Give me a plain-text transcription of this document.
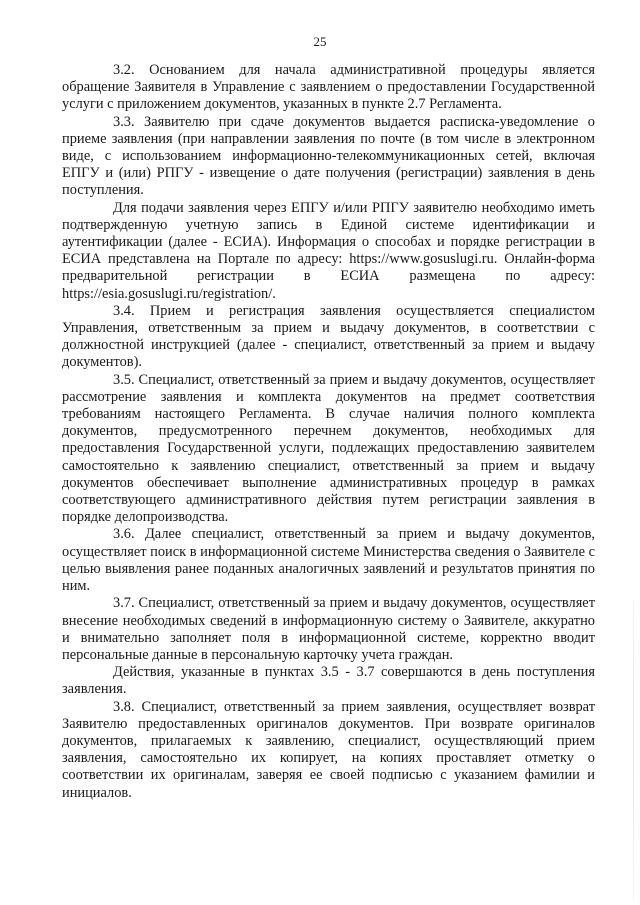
25

3.2. Основанием для начала административной процедуры является обращение Заявителя в Управление с заявлением о предоставлении Государственной услуги с приложением документов, указанных в пункте 2.7 Регламента.

3.3. Заявителю при сдаче документов выдается расписка-уведомление о приеме заявления (при направлении заявления по почте (в том числе в электронном виде, с использованием информационно-телекоммуникационных сетей, включая ЕПГУ и (или) РПГУ - извещение о дате получения (регистрации) заявления в день поступления.

Для подачи заявления через ЕПГУ и/или РПГУ заявителю необходимо иметь подтвержденную учетную запись в Единой системе идентификации и аутентификации (далее - ЕСИА). Информация о способах и порядке регистрации в ЕСИА представлена на Портале по адресу: https://www.gosuslugi.ru. Онлайн-форма предварительной регистрации в ЕСИА размещена по адресу: https://esia.gosuslugi.ru/registration/.

3.4. Прием и регистрация заявления осуществляется специалистом Управления, ответственным за прием и выдачу документов, в соответствии с должностной инструкцией (далее - специалист, ответственный за прием и выдачу документов).

3.5. Специалист, ответственный за прием и выдачу документов, осуществляет рассмотрение заявления и комплекта документов на предмет соответствия требованиям настоящего Регламента. В случае наличия полного комплекта документов, предусмотренного перечнем документов, необходимых для предоставления Государственной услуги, подлежащих предоставлению заявителем самостоятельно к заявлению специалист, ответственный за прием и выдачу документов обеспечивает выполнение административных процедур в рамках соответствующего административного действия путем регистрации заявления в порядке делопроизводства.

3.6. Далее специалист, ответственный за прием и выдачу документов, осуществляет поиск в информационной системе Министерства сведения о Заявителе с целью выявления ранее поданных аналогичных заявлений и результатов принятия по ним.

3.7. Специалист, ответственный за прием и выдачу документов, осуществляет внесение необходимых сведений в информационную систему о Заявителе, аккуратно и внимательно заполняет поля в информационной системе, корректно вводит персональные данные в персональную карточку учета граждан.

Действия, указанные в пунктах 3.5 - 3.7 совершаются в день поступления заявления.

3.8. Специалист, ответственный за прием заявления, осуществляет возврат Заявителю предоставленных оригиналов документов. При возврате оригиналов документов, прилагаемых к заявлению, специалист, осуществляющий прием заявления, самостоятельно их копирует, на копиях проставляет отметку о соответствии их оригиналам, заверяя ее своей подписью с указанием фамилии и инициалов.
